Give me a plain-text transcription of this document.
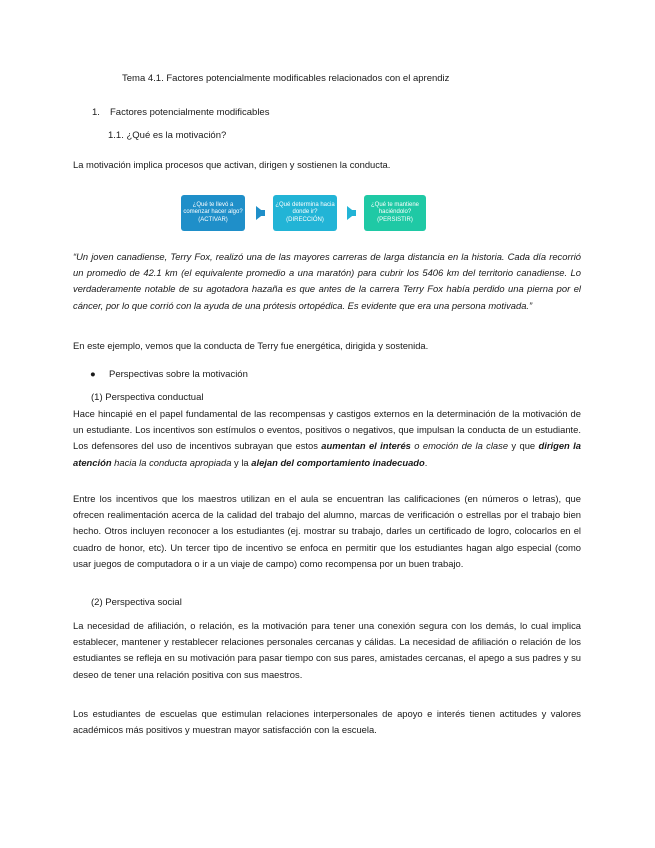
Tema 4.1. Factores potencialmente modificables relacionados con el aprendiz
1. Factores potencialmente modificables
1.1. ¿Qué es la motivación?
La motivación implica procesos que activan, dirigen y sostienen la conducta.
¿Qué te llevó a comenzar hacer algo? (ACTIVAR)
¿Qué determina hacia donde ir? (DIRECCIÓN)
¿Qué te mantiene haciéndolo? (PERSISTIR)
“Un joven canadiense, Terry Fox, realizó una de las mayores carreras de larga distancia en la historia. Cada día recorrió un promedio de 42.1 km (el equivalente promedio a una maratón) para cubrir los 5406 km del territorio canadiense. Lo verdaderamente notable de su agotadora hazaña es que antes de la carrera Terry Fox había perdido una pierna por el cáncer, por lo que corrió con la ayuda de una prótesis ortopédica. Es evidente que era una persona motivada.”
En este ejemplo, vemos que la conducta de Terry fue energética, dirigida y sostenida.
● Perspectivas sobre la motivación
(1) Perspectiva conductual
Hace hincapié en el papel fundamental de las recompensas y castigos externos en la determinación de la motivación de un estudiante. Los incentivos son estímulos o eventos, positivos o negativos, que impulsan la conducta de un estudiante. Los defensores del uso de incentivos subrayan que estos aumentan el interés o emoción de la clase y que dirigen la atención hacia la conducta apropiada y la alejan del comportamiento inadecuado.
Entre los incentivos que los maestros utilizan en el aula se encuentran las calificaciones (en números o letras), que ofrecen realimentación acerca de la calidad del trabajo del alumno, marcas de verificación o estrellas por el trabajo bien hecho. Otros incluyen reconocer a los estudiantes (ej. mostrar su trabajo, darles un certificado de logro, colocarlos en el cuadro de honor, etc). Un tercer tipo de incentivo se enfoca en permitir que los estudiantes hagan algo especial (como usar juegos de computadora o ir a un viaje de campo) como recompensa por un buen trabajo.
(2) Perspectiva social
La necesidad de afiliación, o relación, es la motivación para tener una conexión segura con los demás, lo cual implica establecer, mantener y restablecer relaciones personales cercanas y cálidas. La necesidad de afiliación o relación de los estudiantes se refleja en su motivación para pasar tiempo con sus pares, amistades cercanas, el apego a sus padres y su deseo de tener una relación positiva con sus maestros.
Los estudiantes de escuelas que estimulan relaciones interpersonales de apoyo e interés tienen actitudes y valores académicos más positivos y muestran mayor satisfacción con la escuela.
